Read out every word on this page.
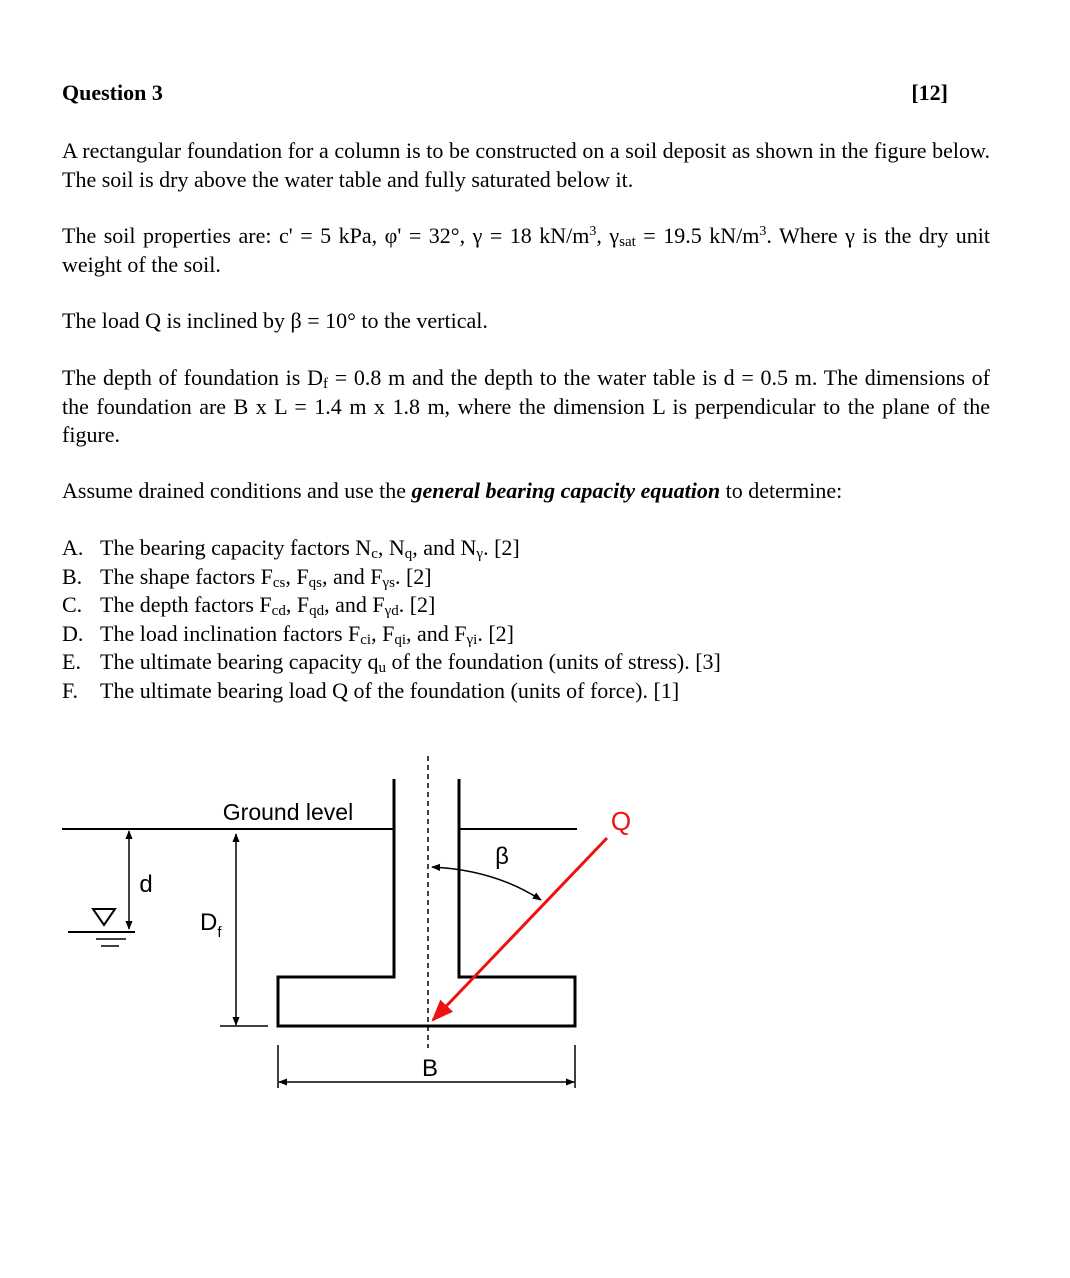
Question 3	[12]
A rectangular foundation for a column is to be constructed on a soil deposit as shown in the figure below. The soil is dry above the water table and fully saturated below it.
The soil properties are: c' = 5 kPa, φ' = 32°, γ = 18 $kN/m^3$, $\gamma_{sat} = 19.5$ $kN/m^3$. Where γ is the dry unit weight of the soil.
The load Q is inclined by β = 10° to the vertical.
The depth of foundation is $D_f = 0.8$ m and the depth to the water table is d = 0.5 m. The dimensions of the foundation are B x L = 1.4 m x 1.8 m, where the dimension L is perpendicular to the plane of the figure.
Assume drained conditions and use the general bearing capacity equation to determine:
A. The bearing capacity factors $N_c$, $N_q$, and $N_\gamma$. [2]
B. The shape factors $F_{cs}$, $F_{qs}$, and $F_{\gamma s}$. [2]
C. The depth factors $F_{cd}$, $F_{qd}$, and $F_{\gamma d}$. [2]
D. The load inclination factors $F_{ci}$, $F_{qi}$, and $F_{\gamma i}$. [2]
E. The ultimate bearing capacity $q_u$ of the foundation (units of stress). [3]
F. The ultimate bearing load Q of the foundation (units of force). [1]
Ground level
d
$D_f$
B
β
Q
